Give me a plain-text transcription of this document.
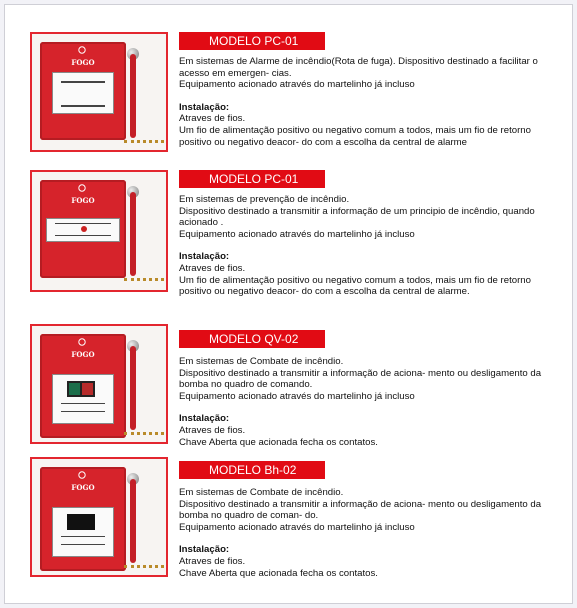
FOGO
MODELO PC-01

Em sistemas de Alarme de incêndio(Rota de fuga). Dispositivo destinado a facilitar o

acesso em emergen- cias.

Equipamento acionado através do martelinho já incluso

Instalação:

Atraves de fios.

Um fio de alimentação positivo ou negativo comum a todos, mais um fio de retorno

positivo ou negativo deacor- do com a escolha da central de alarme

FOGO
MODELO PC-01

Em sistemas de prevenção de incêndio.

Dispositivo destinado a transmitir a informação de um principio de incêndio, quando

acionado .

Equipamento acionado através do martelinho já incluso

Instalação:

Atraves de fios.

Um fio de alimentação positivo ou negativo comum a todos, mais um fio de retorno

positivo ou negativo deacor- do com a escolha da central de alarme.

FOGO
MODELO QV-02

Em sistemas de Combate de incêndio.

Dispositivo destinado a transmitir a informação de aciona- mento ou desligamento da

bomba no quadro de comando.

Equipamento acionado através do martelinho já incluso

Instalação:

Atraves de fios.

Chave Aberta que acionada fecha os contatos.

FOGO
MODELO Bh-02

Em sistemas de Combate de incêndio.

Dispositivo destinado a transmitir a informação de aciona- mento ou desligamento da

bomba no quadro de coman- do.

Equipamento acionado através do martelinho já incluso

Instalação:

Atraves de fios.

Chave Aberta que acionada fecha os contatos.
